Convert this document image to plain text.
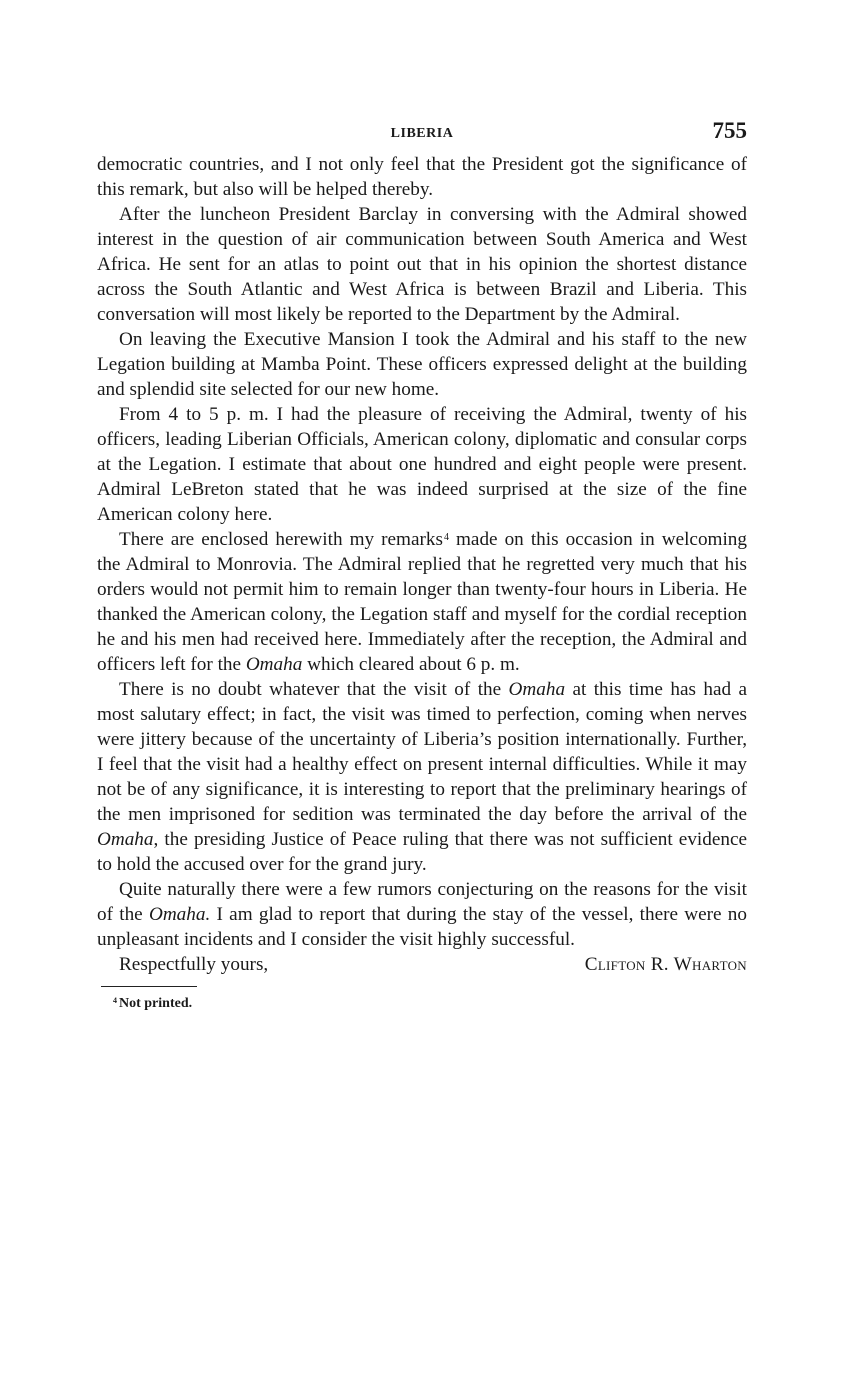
LIBERIA	755

democratic countries, and I not only feel that the President got the significance of this remark, but also will be helped thereby.

After the luncheon President Barclay in conversing with the Admiral showed interest in the question of air communication between South America and West Africa. He sent for an atlas to point out that in his opinion the shortest distance across the South Atlantic and West Africa is between Brazil and Liberia. This conversation will most likely be reported to the Department by the Admiral.

On leaving the Executive Mansion I took the Admiral and his staff to the new Legation building at Mamba Point. These officers expressed delight at the building and splendid site selected for our new home.

From 4 to 5 p. m. I had the pleasure of receiving the Admiral, twenty of his officers, leading Liberian Officials, American colony, diplomatic and consular corps at the Legation. I estimate that about one hundred and eight people were present. Admiral LeBreton stated that he was indeed surprised at the size of the fine American colony here.

There are enclosed herewith my remarks$^4$ made on this occasion in welcoming the Admiral to Monrovia. The Admiral replied that he regretted very much that his orders would not permit him to remain longer than twenty-four hours in Liberia. He thanked the American colony, the Legation staff and myself for the cordial reception he and his men had received here. Immediately after the reception, the Admiral and officers left for the Omaha which cleared about 6 p. m.

There is no doubt whatever that the visit of the Omaha at this time has had a most salutary effect; in fact, the visit was timed to perfection, coming when nerves were jittery because of the uncertainty of Liberia’s position internationally. Further, I feel that the visit had a healthy effect on present internal difficulties. While it may not be of any significance, it is interesting to report that the preliminary hearings of the men imprisoned for sedition was terminated the day before the arrival of the Omaha, the presiding Justice of Peace ruling that there was not sufficient evidence to hold the accused over for the grand jury.

Quite naturally there were a few rumors conjecturing on the reasons for the visit of the Omaha. I am glad to report that during the stay of the vessel, there were no unpleasant incidents and I consider the visit highly successful.

Respectfully yours,	Clifton R. Wharton
$^4$ Not printed.
